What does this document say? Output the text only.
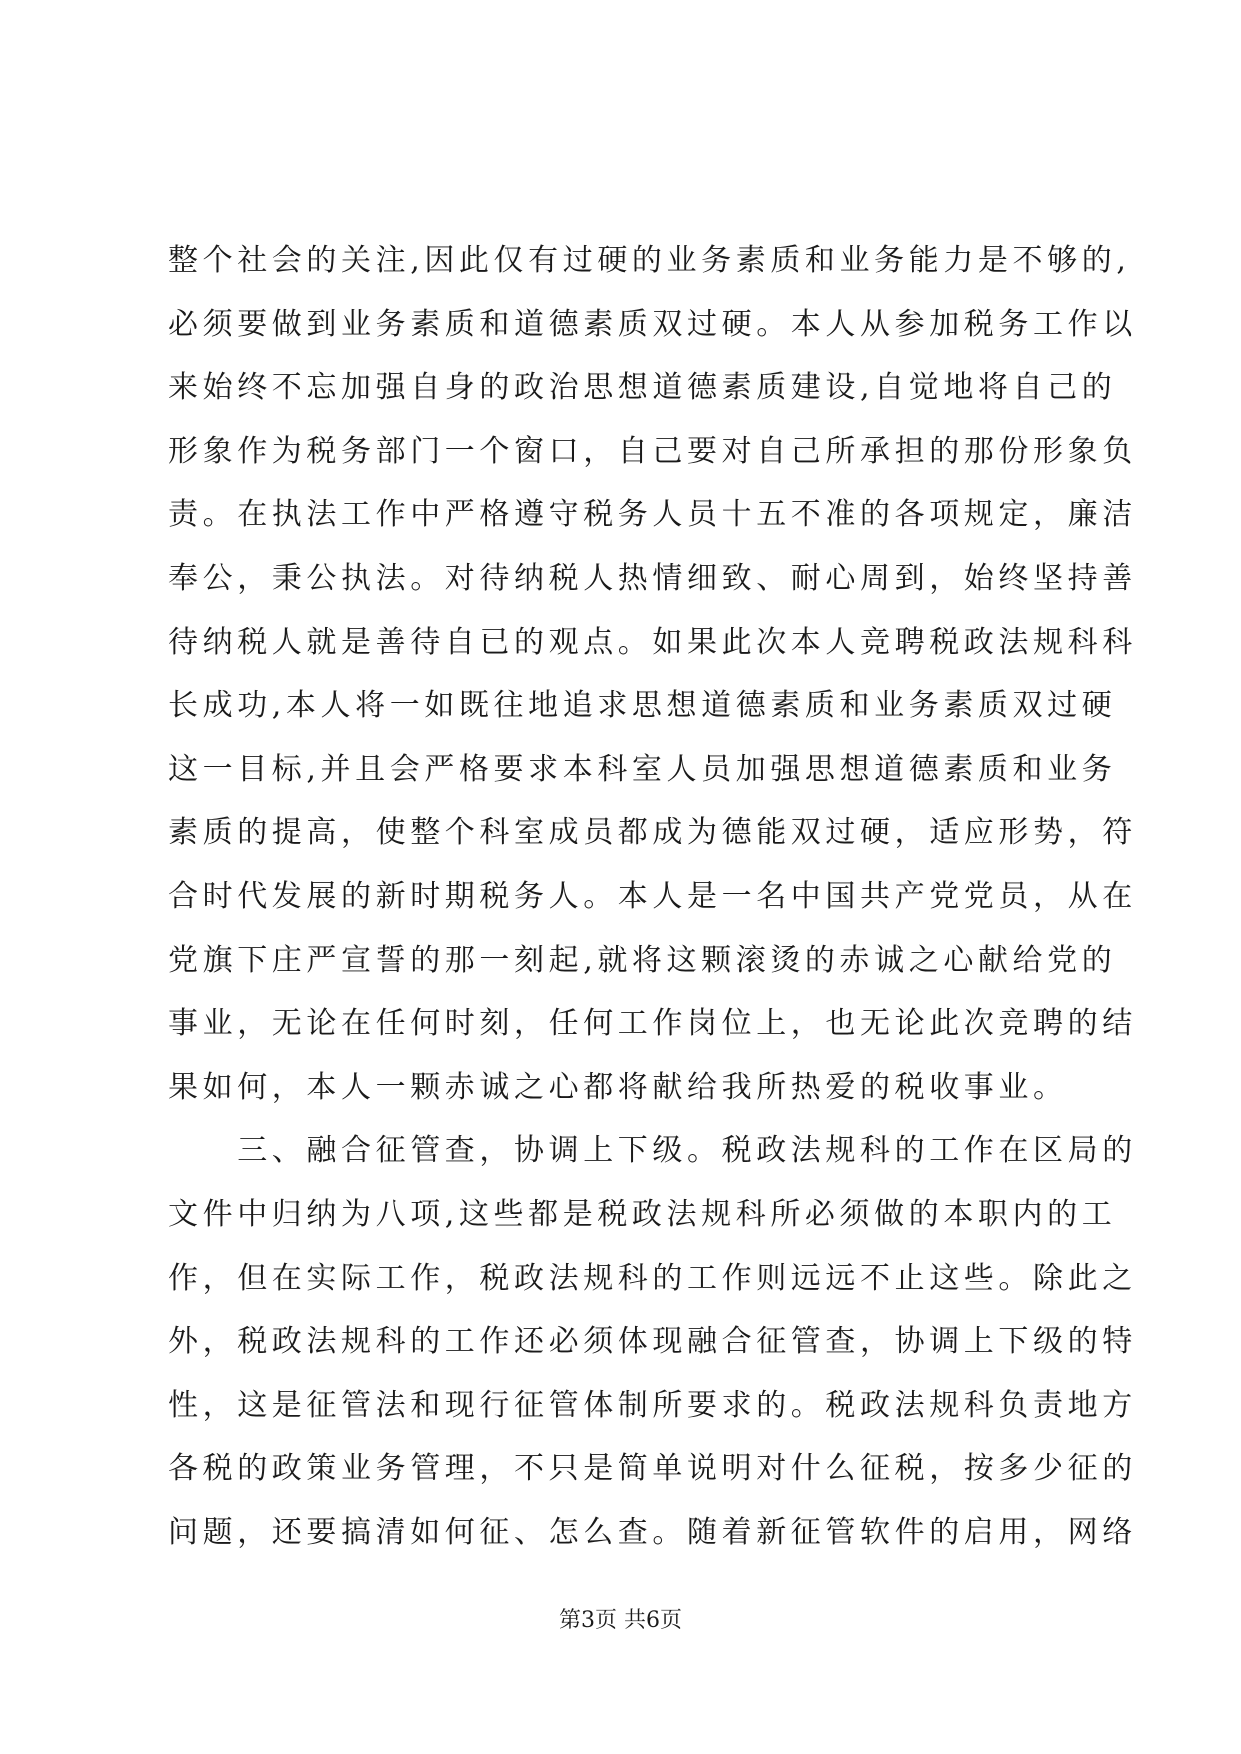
整个社会的关注,因此仅有过硬的业务素质和业务能力是不够的,
必须要做到业务素质和道德素质双过硬。本人从参加税务工作以
来始终不忘加强自身的政治思想道德素质建设,自觉地将自己的
形象作为税务部门一个窗口，自己要对自己所承担的那份形象负
责。在执法工作中严格遵守税务人员十五不准的各项规定，廉洁
奉公，秉公执法。对待纳税人热情细致、耐心周到，始终坚持善
待纳税人就是善待自已的观点。如果此次本人竞聘税政法规科科
长成功,本人将一如既往地追求思想道德素质和业务素质双过硬
这一目标,并且会严格要求本科室人员加强思想道德素质和业务
素质的提高，使整个科室成员都成为德能双过硬，适应形势，符
合时代发展的新时期税务人。本人是一名中国共产党党员，从在
党旗下庄严宣誓的那一刻起,就将这颗滚烫的赤诚之心献给党的
事业，无论在任何时刻，任何工作岗位上，也无论此次竞聘的结
果如何，本人一颗赤诚之心都将献给我所热爱的税收事业。
　　三、融合征管查，协调上下级。税政法规科的工作在区局的
文件中归纳为八项,这些都是税政法规科所必须做的本职内的工
作，但在实际工作，税政法规科的工作则远远不止这些。除此之
外，税政法规科的工作还必须体现融合征管查，协调上下级的特
性，这是征管法和现行征管体制所要求的。税政法规科负责地方
各税的政策业务管理，不只是简单说明对什么征税，按多少征的
问题，还要搞清如何征、怎么查。随着新征管软件的启用，网络
第3页 共6页
